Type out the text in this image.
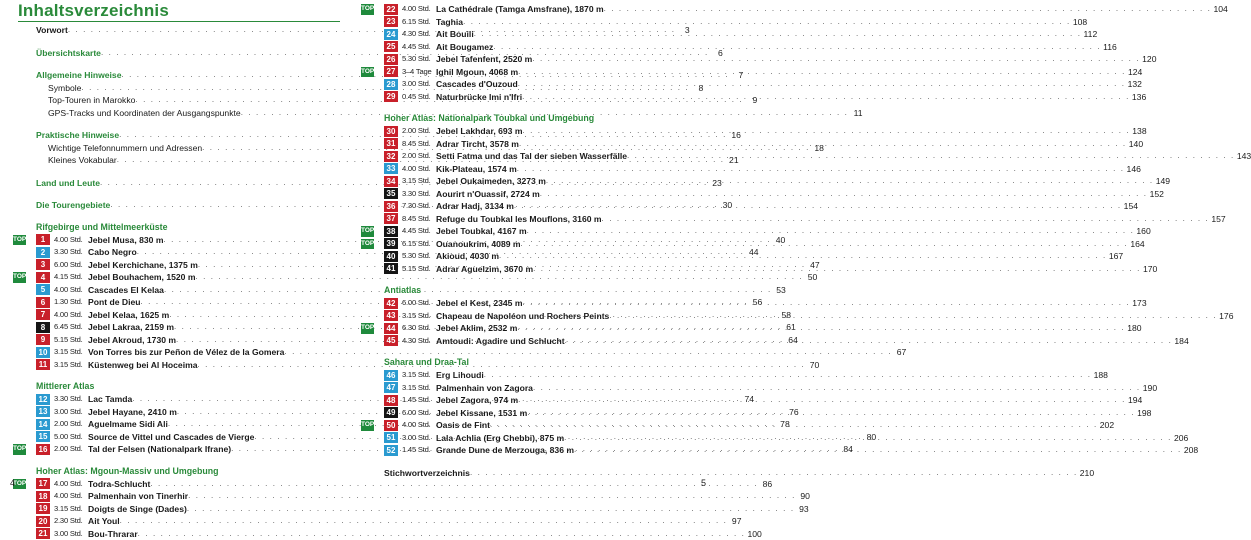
Inhaltsverzeichnis
Vorwort . . .	3
Übersichtskarte . . .	6
Allgemeine Hinweise . . .	7
Symbole . . .	8
Top-Touren in Marokko . . .	9
GPS-Tracks und Koordinaten der Ausgangspunkte . . .	11
Praktische Hinweise . . .	16
Wichtige Telefonnummern und Adressen . . .	18
Kleines Vokabular . . .	21
Land und Leute . . .	23
Die Tourengebiete . . .	30
Rifgebirge und Mittelmeerküste
TOP	1	4.00 Std. Jebel Musa, 830 m . . .	40
2	3.30 Std. Cabo Negro . . .	44
3	6.00 Std. Jebel Kerchichane, 1375 m . . .	47
TOP	4	4.15 Std. Jebel Bouhachem, 1520 m . . .	50
5	4.00 Std. Cascades El Kelaa . . .	53
6	1.30 Std. Pont de Dieu . . .	56
7	4.00 Std. Jebel Kelaa, 1625 m . . .	58
8	6.45 Std. Jebel Lakraa, 2159 m . . .	61
9	5.15 Std. Jebel Akroud, 1730 m . . .	64
10 3.15 Std. Von Torres bis zur Peñon de Vélez de la Gomera . . .	67
11 3.15 Std. Küstenweg bei Al Hoceima . . .	70
Mittlerer Atlas
12 3.30 Std. Lac Tamda . . .	74
13 3.00 Std. Jebel Hayane, 2410 m . . .	76
14 2.00 Std. Aguelmame Sidi Ali . . .	78
15 5.00 Std. Source de Vittel und Cascades de Vierge . . .	80
TOP	16 2.00 Std. Tal der Felsen (Nationalpark Ifrane) . . .	84
Hoher Atlas: Mgoun-Massiv und Umgebung
TOP	17 4.00 Std. Todra-Schlucht . . .	86
18 4.00 Std. Palmenhain von Tinerhir . . .	90
19 3.15 Std. Doigts de Singe (Dades) . . .	93
20 2.30 Std. Ait Youl . . .	97
21 3.00 Std. Bou-Thrarar . . .	100
4
TOP	22 4.00 Std. La Cathédrale (Tamga Amsfrane), 1870 m . . .	104
23 6.15 Std. Taghia . . .	108
24 4.30 Std. Ait Bouili . . .	112
25 4.45 Std. Ait Bougamez . . .	116
26 5.30 Std. Jebel Tafenfent, 2520 m . . .	120
TOP	27 3–4 Tage Ighil Mgoun, 4068 m . . .	124
28 3.00 Std. Cascades d'Ouzoud . . .	132
29 0.45 Std. Naturbrücke Imi n'Ifri . . .	136
Hoher Atlas: Nationalpark Toubkal und Umgebung
30 2.00 Std. Jebel Lakhdar, 693 m . . .	138
31 8.45 Std. Adrar Tircht, 3578 m . . .	140
32 2.00 Std. Setti Fatma und das Tal der sieben Wasserfälle . . .	143
33 4.00 Std. Kik-Plateau, 1574 m . . .	146
34 3.15 Std. Jebel Oukaimeden, 3273 m . . .	149
35 3.30 Std. Aourirt n'Ouassif, 2724 m . . .	152
36 7.30 Std. Adrar Hadj, 3134 m . . .	154
37 8.45 Std. Refuge du Toubkal les Mouflons, 3160 m . . .	157
TOP	38 4.45 Std. Jebel Toubkal, 4167 m . . .	160
TOP	39 6.15 Std. Ouanoukrim, 4089 m . . .	164
40 5.30 Std. Akioud, 4030 m . . .	167
41 5.15 Std. Adrar Aguelzim, 3670 m . . .	170
Antiatlas
42 6.00 Std. Jebel el Kest, 2345 m . . .	173
43 3.15 Std. Chapeau de Napoléon und Rochers Peints . . .	176
TOP	44 6.30 Std. Jebel Aklim, 2532 m . . .	180
45 4.30 Std. Amtoudi: Agadire und Schlucht . . .	184
Sahara und Draa-Tal
46 3.15 Std. Erg Lihoudi . . .	188
47 3.15 Std. Palmenhain von Zagora . . .	190
48 1.45 Std. Jebel Zagora, 974 m . . .	194
49 6.00 Std. Jebel Kissane, 1531 m . . .	198
TOP	50 4.00 Std. Oasis de Fint . . .	202
51 3.00 Std. Lala Achlia (Erg Chebbi), 875 m . . .	206
52 1.45 Std. Grande Dune de Merzouga, 836 m . . .	208
Stichwortverzeichnis . . .	210
5
